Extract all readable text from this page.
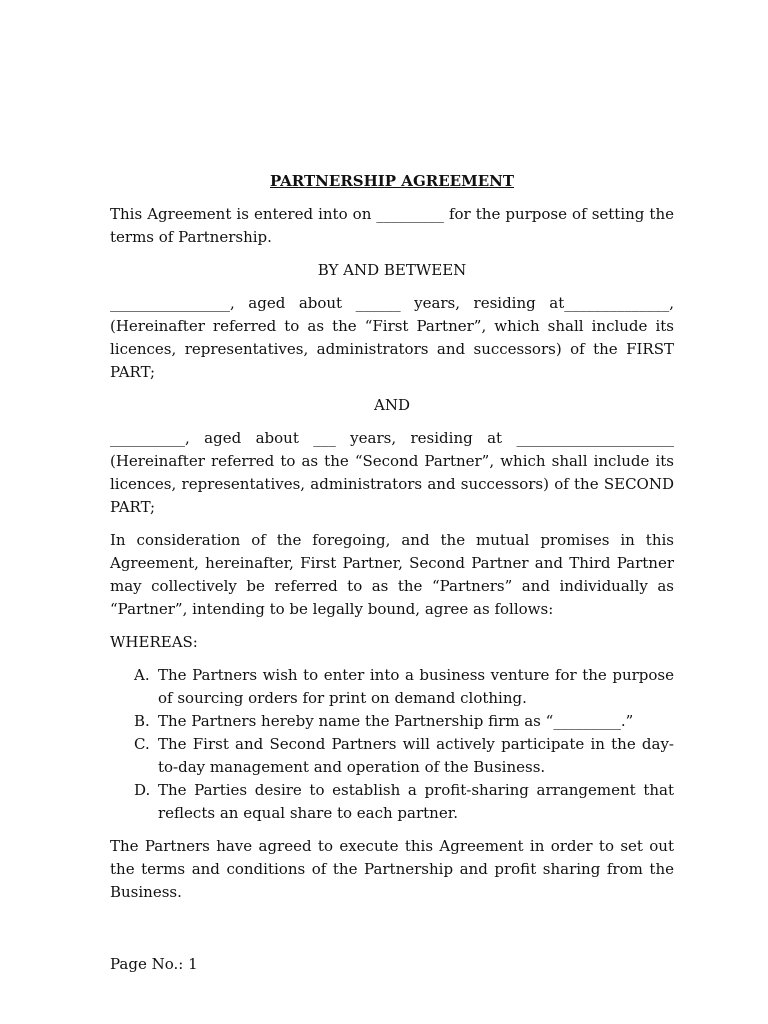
PARTNERSHIP AGREEMENT

This Agreement is entered into on _________ for the purpose of setting the terms of Partnership.

BY AND BETWEEN

________________, aged about ______ years, residing at______________, (Hereinafter referred to as the “First Partner”, which shall include its licences, representatives, administrators and successors) of the FIRST PART;

AND

__________, aged about ___ years, residing at _____________________ (Hereinafter referred to as the “Second Partner”, which shall include its licences, representatives, administrators and successors) of the SECOND PART;

In consideration of the foregoing, and the mutual promises in this Agreement, hereinafter, First Partner, Second Partner and Third Partner may collectively be referred to as the “Partners” and individually as “Partner”, intending to be legally bound, agree as follows:

WHEREAS:

A. The Partners wish to enter into a business venture for the purpose of sourcing orders for print on demand clothing.
B. The Partners hereby name the Partnership firm as “_________.”
C. The First and Second Partners will actively participate in the day-to-day management and operation of the Business.
D. The Parties desire to establish a profit-sharing arrangement that reflects an equal share to each partner.

The Partners have agreed to execute this Agreement in order to set out the terms and conditions of the Partnership and profit sharing from the Business.

Page No.: 1
